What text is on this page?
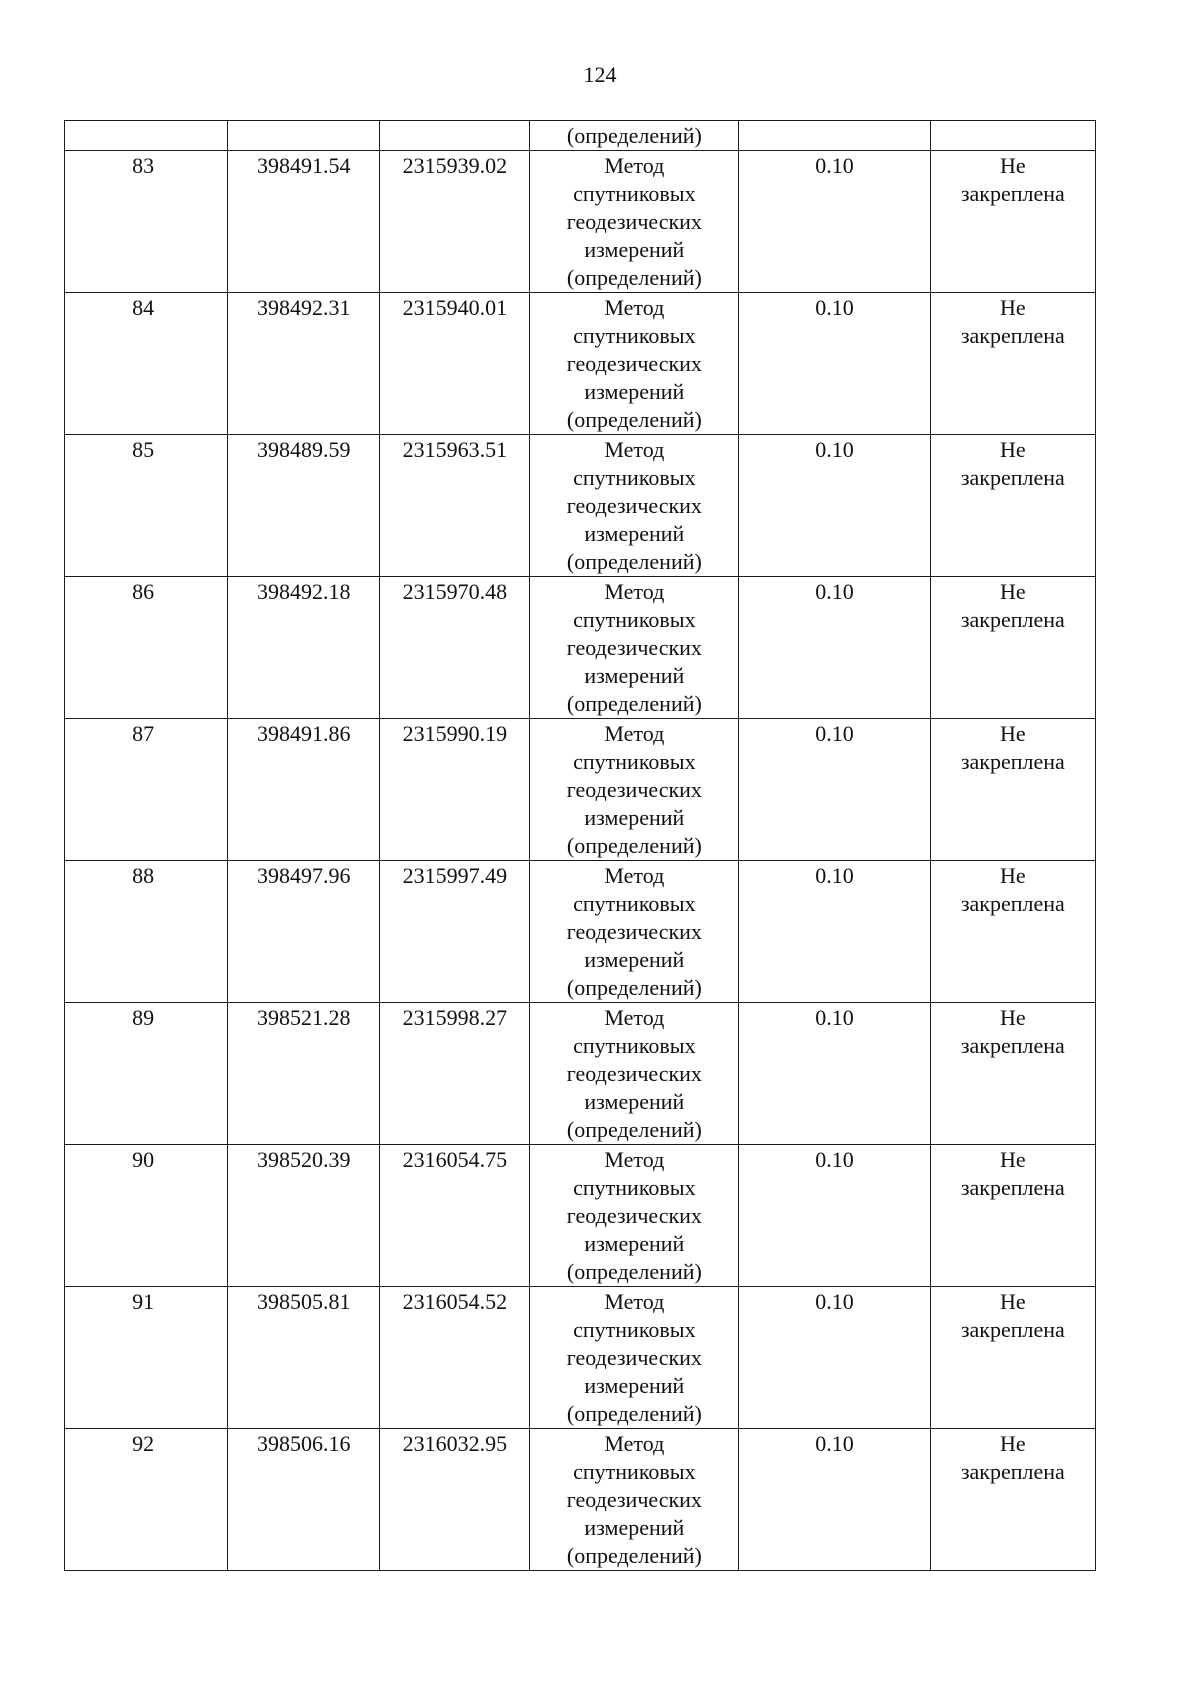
124
			(определений)		
83	398491.54	2315939.02	Метод
спутниковых
геодезических
измерений
(определений)	0.10	Не
закреплена

84	398492.31	2315940.01	Метод
спутниковых
геодезических
измерений
(определений)	0.10	Не
закреплена

85	398489.59	2315963.51	Метод
спутниковых
геодезических
измерений
(определений)	0.10	Не
закреплена

86	398492.18	2315970.48	Метод
спутниковых
геодезических
измерений
(определений)	0.10	Не
закреплена

87	398491.86	2315990.19	Метод
спутниковых
геодезических
измерений
(определений)	0.10	Не
закреплена

88	398497.96	2315997.49	Метод
спутниковых
геодезических
измерений
(определений)	0.10	Не
закреплена

89	398521.28	2315998.27	Метод
спутниковых
геодезических
измерений
(определений)	0.10	Не
закреплена

90	398520.39	2316054.75	Метод
спутниковых
геодезических
измерений
(определений)	0.10	Не
закреплена

91	398505.81	2316054.52	Метод
спутниковых
геодезических
измерений
(определений)	0.10	Не
закреплена

92	398506.16	2316032.95	Метод
спутниковых
геодезических
измерений
(определений)	0.10	Не
закреплена
